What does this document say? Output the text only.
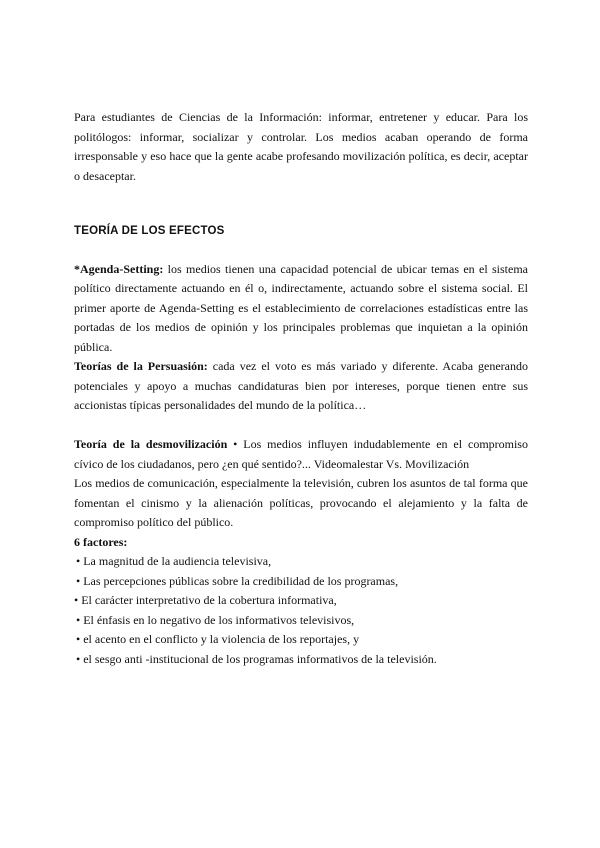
Para estudiantes de Ciencias de la Información: informar, entretener y educar. Para los politólogos: informar, socializar y controlar. Los medios acaban operando de forma irresponsable y eso hace que la gente acabe profesando movilización política, es decir, aceptar o desaceptar.

TEORÍA DE LOS EFECTOS

*Agenda-Setting: los medios tienen una capacidad potencial de ubicar temas en el sistema político directamente actuando en él o, indirectamente, actuando sobre el sistema social. El primer aporte de Agenda-Setting es el establecimiento de correlaciones estadísticas entre las portadas de los medios de opinión y los principales problemas que inquietan a la opinión pública.

Teorías de la Persuasión: cada vez el voto es más variado y diferente. Acaba generando potenciales y apoyo a muchas candidaturas bien por intereses, porque tienen entre sus accionistas típicas personalidades del mundo de la política…

Teoría de la desmovilización • Los medios influyen indudablemente en el compromiso cívico de los ciudadanos, pero ¿en qué sentido?... Videomalestar Vs. Movilización

Los medios de comunicación, especialmente la televisión, cubren los asuntos de tal forma que fomentan el cinismo y la alienación políticas, provocando el alejamiento y la falta de compromiso político del público.

6 factores:

• La magnitud de la audiencia televisiva,
• Las percepciones públicas sobre la credibilidad de los programas,
• El carácter interpretativo de la cobertura informativa,
• El énfasis en lo negativo de los informativos televisivos,
• el acento en el conflicto y la violencia de los reportajes, y
• el sesgo anti -institucional de los programas informativos de la televisión.
